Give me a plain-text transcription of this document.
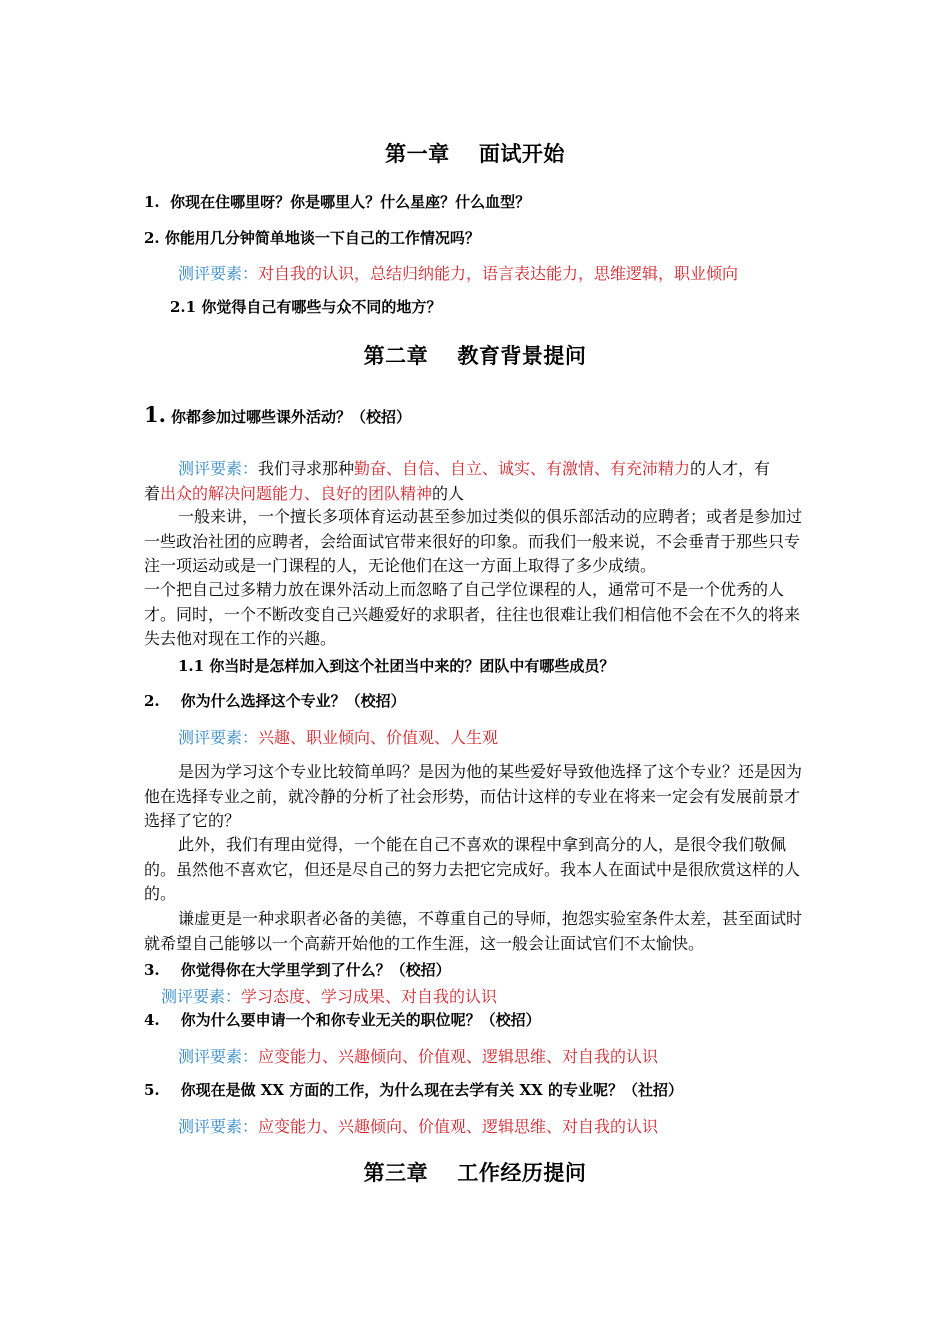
第一章　 面试开始
1. 你现在住哪里呀？你是哪里人？什么星座？什么血型？
2. 你能用几分钟简单地谈一下自己的工作情况吗？
测评要素：对自我的认识，总结归纳能力，语言表达能力，思维逻辑，职业倾向
2.1 你觉得自己有哪些与众不同的地方？
第二章　 教育背景提问
1. 你都参加过哪些课外活动？（校招）
测评要素：我们寻求那种勤奋、自信、自立、诚实、有激情、有充沛精力的人才，有
着出众的解决问题能力、良好的团队精神的人
一般来讲，一个擅长多项体育运动甚至参加过类似的俱乐部活动的应聘者；或者是参加过一些政治社团的应聘者，会给面试官带来很好的印象。而我们一般来说，不会垂青于那些只专注一项运动或是一门课程的人，无论他们在这一方面上取得了多少成绩。
一个把自己过多精力放在课外活动上而忽略了自己学位课程的人，通常可不是一个优秀的人才。同时，一个不断改变自己兴趣爱好的求职者，往往也很难让我们相信他不会在不久的将来失去他对现在工作的兴趣。
1.1 你当时是怎样加入到这个社团当中来的？团队中有哪些成员？
2. 你为什么选择这个专业？（校招）
测评要素：兴趣、职业倾向、价值观、人生观
是因为学习这个专业比较简单吗？是因为他的某些爱好导致他选择了这个专业？还是因为他在选择专业之前，就冷静的分析了社会形势，而估计这样的专业在将来一定会有发展前景才选择了它的？
此外，我们有理由觉得，一个能在自己不喜欢的课程中拿到高分的人，是很令我们敬佩的。虽然他不喜欢它，但还是尽自己的努力去把它完成好。我本人在面试中是很欣赏这样的人的。
谦虚更是一种求职者必备的美德，不尊重自己的导师，抱怨实验室条件太差，甚至面试时就希望自己能够以一个高薪开始他的工作生涯，这一般会让面试官们不太愉快。
3. 你觉得你在大学里学到了什么？（校招）
测评要素：学习态度、学习成果、对自我的认识
4. 你为什么要申请一个和你专业无关的职位呢？（校招）
测评要素：应变能力、兴趣倾向、价值观、逻辑思维、对自我的认识
5. 你现在是做 XX 方面的工作，为什么现在去学有关 XX 的专业呢？（社招）
测评要素：应变能力、兴趣倾向、价值观、逻辑思维、对自我的认识
第三章　 工作经历提问
